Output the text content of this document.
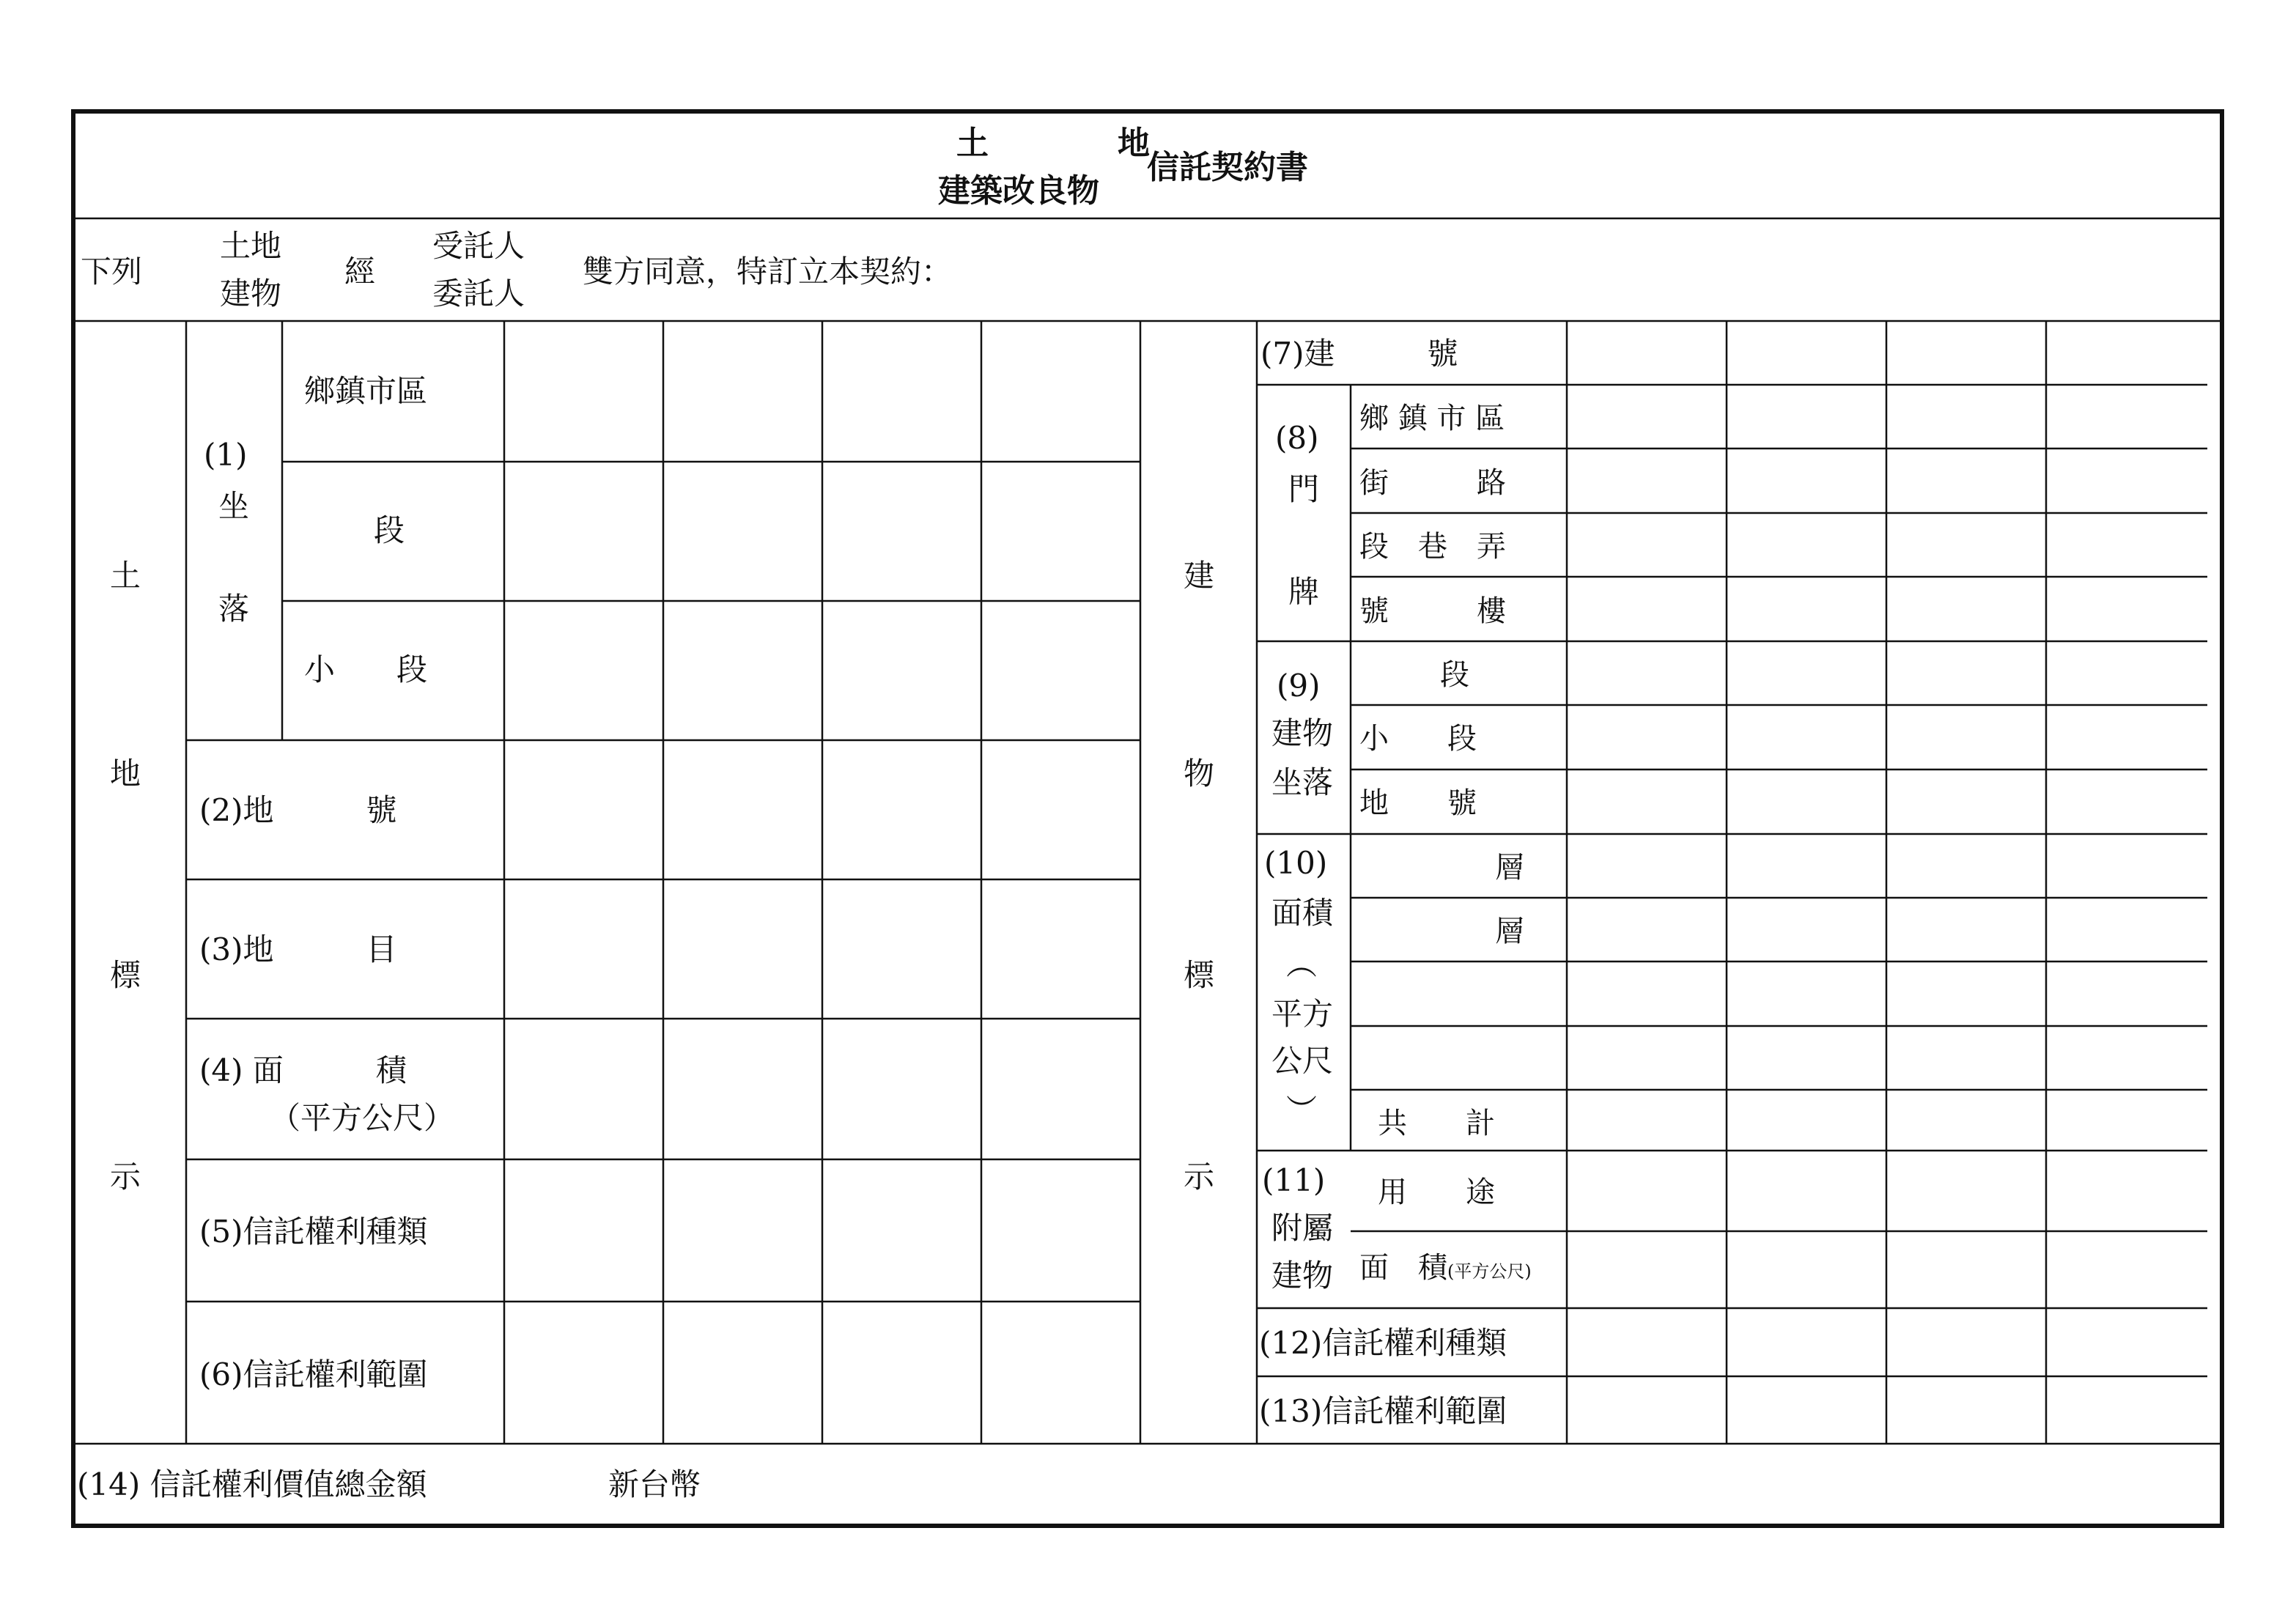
土　　　　地
建築改良物
信託契約書
下列
土地
建物
經
受託人
委託人
雙方同意，特訂立本契約：
土
地
標
示
(1)
坐
落
鄉鎮市區
段
小　　段
(2)地　　　號
(3)地　　　目
(4) 面　　　積
（平方公尺）
(5)信託權利種類
(6)信託權利範圍
建
物
標
示
(7)建　　　號
(8)
門
牌
鄉 鎮 市 區
街　　　路
段　巷　弄
號　　　樓
(9)
建物
坐落
段
小　　段
地　　號
(10)
面積
︵
平方
公尺
︶
層
層
共　　計
(11)
附屬
建物
用　　途
面　積 (平方公尺)
(12)信託權利種類
(13)信託權利範圍
(14) 信託權利價值總金額	新台幣
